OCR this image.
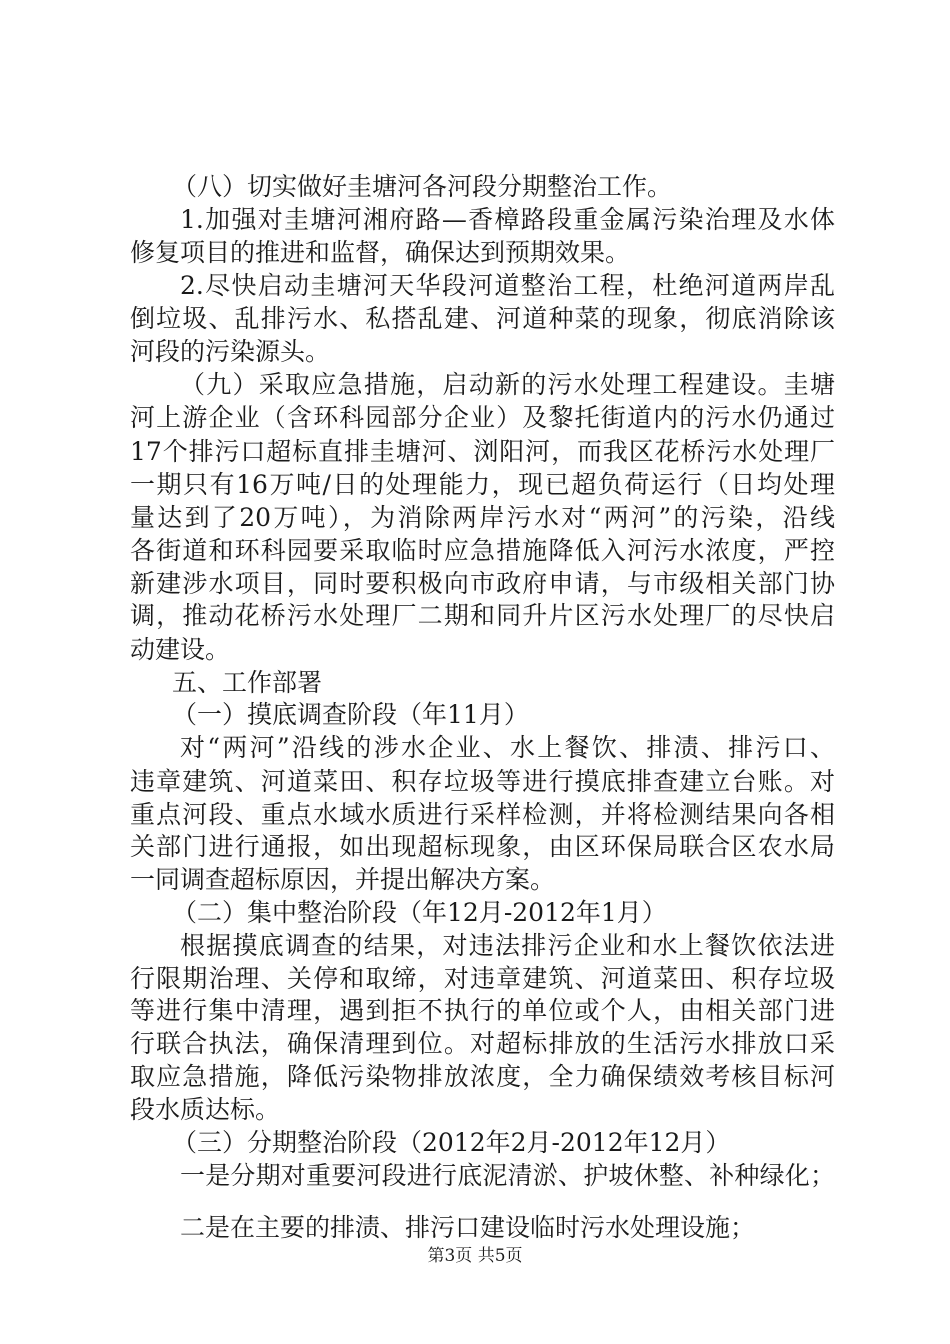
（八）切实做好圭塘河各河段分期整治工作。
1.加强对圭塘河湘府路—香樟路段重金属污染治理及水体
修复项目的推进和监督，确保达到预期效果。
2.尽快启动圭塘河天华段河道整治工程，杜绝河道两岸乱
倒垃圾、乱排污水、私搭乱建、河道种菜的现象，彻底消除该
河段的污染源头。
（九）采取应急措施，启动新的污水处理工程建设。圭塘
河上游企业（含环科园部分企业）及黎托街道内的污水仍通过
17个排污口超标直排圭塘河、浏阳河，而我区花桥污水处理厂
一期只有16万吨/日的处理能力，现已超负荷运行（日均处理
量达到了20万吨），为消除两岸污水对“两河”的污染，沿线
各街道和环科园要采取临时应急措施降低入河污水浓度，严控
新建涉水项目，同时要积极向市政府申请，与市级相关部门协
调，推动花桥污水处理厂二期和同升片区污水处理厂的尽快启
动建设。
五、工作部署
（一）摸底调查阶段（年11月）
对“两河”沿线的涉水企业、水上餐饮、排渍、排污口、
违章建筑、河道菜田、积存垃圾等进行摸底排查建立台账。对
重点河段、重点水域水质进行采样检测，并将检测结果向各相
关部门进行通报，如出现超标现象，由区环保局联合区农水局
一同调查超标原因，并提出解决方案。
（二）集中整治阶段（年12月-2012年1月）
根据摸底调查的结果，对违法排污企业和水上餐饮依法进
行限期治理、关停和取缔，对违章建筑、河道菜田、积存垃圾
等进行集中清理，遇到拒不执行的单位或个人，由相关部门进
行联合执法，确保清理到位。对超标排放的生活污水排放口采
取应急措施，降低污染物排放浓度，全力确保绩效考核目标河
段水质达标。
（三）分期整治阶段（2012年2月-2012年12月）
一是分期对重要河段进行底泥清淤、护坡休整、补种绿化；
二是在主要的排渍、排污口建设临时污水处理设施；
第3页 共5页
